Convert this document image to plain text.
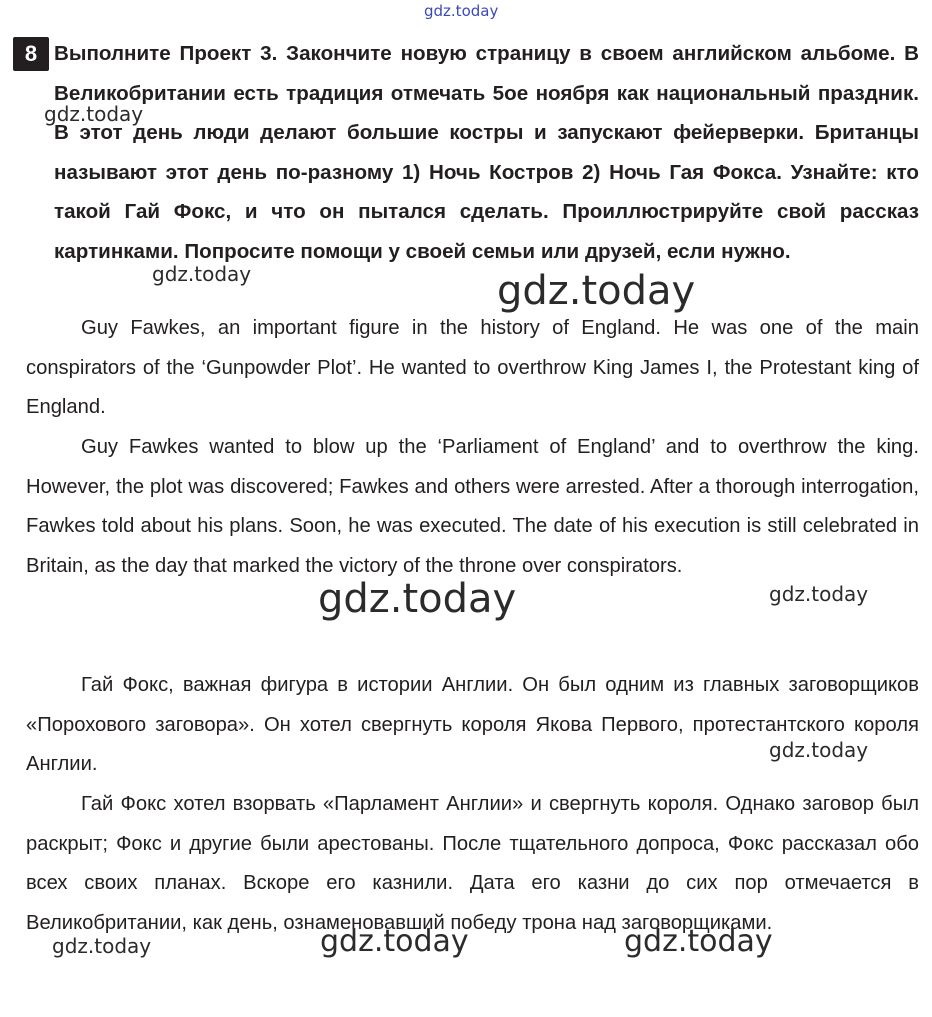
8 Выполните Проект 3. Закончите новую страницу в своем английском альбоме. В Великобритании есть традиция отмечать 5ое ноября как национальный праздник. В этот день люди делают большие костры и запускают фейерверки. Британцы называют этот день по-разному 1) Ночь Костров 2) Ночь Гая Фокса. Узнайте: кто такой Гай Фокс, и что он пытался сделать. Проиллюстрируйте свой рассказ картинками. Попросите помощи у своей семьи или друзей, если нужно.

Guy Fawkes, an important figure in the history of England. He was one of the main conspirators of the ‘Gunpowder Plot’. He wanted to overthrow King James I, the Protestant king of England.

Guy Fawkes wanted to blow up the ‘Parliament of England’ and to overthrow the king. However, the plot was discovered; Fawkes and others were arrested. After a thorough interrogation, Fawkes told about his plans. Soon, he was executed. The date of his execution is still celebrated in Britain, as the day that marked the victory of the throne over conspirators.

Гай Фокс, важная фигура в истории Англии. Он был одним из главных заговорщиков «Порохового заговора». Он хотел свергнуть короля Якова Первого, протестантского короля Англии.

Гай Фокс хотел взорвать «Парламент Англии» и свергнуть короля. Однако заговор был раскрыт; Фокс и другие были арестованы. После тщательного допроса, Фокс рассказал обо всех своих планах. Вскоре его казнили. Дата его казни до сих пор отмечается в Великобритании, как день, ознаменовавший победу трона над заговорщиками.

gdz.today
gdz.today
gdz.today	gdz.today
gdz.today	gdz.today
gdz.today
gdz.today	gdz.today	gdz.today
